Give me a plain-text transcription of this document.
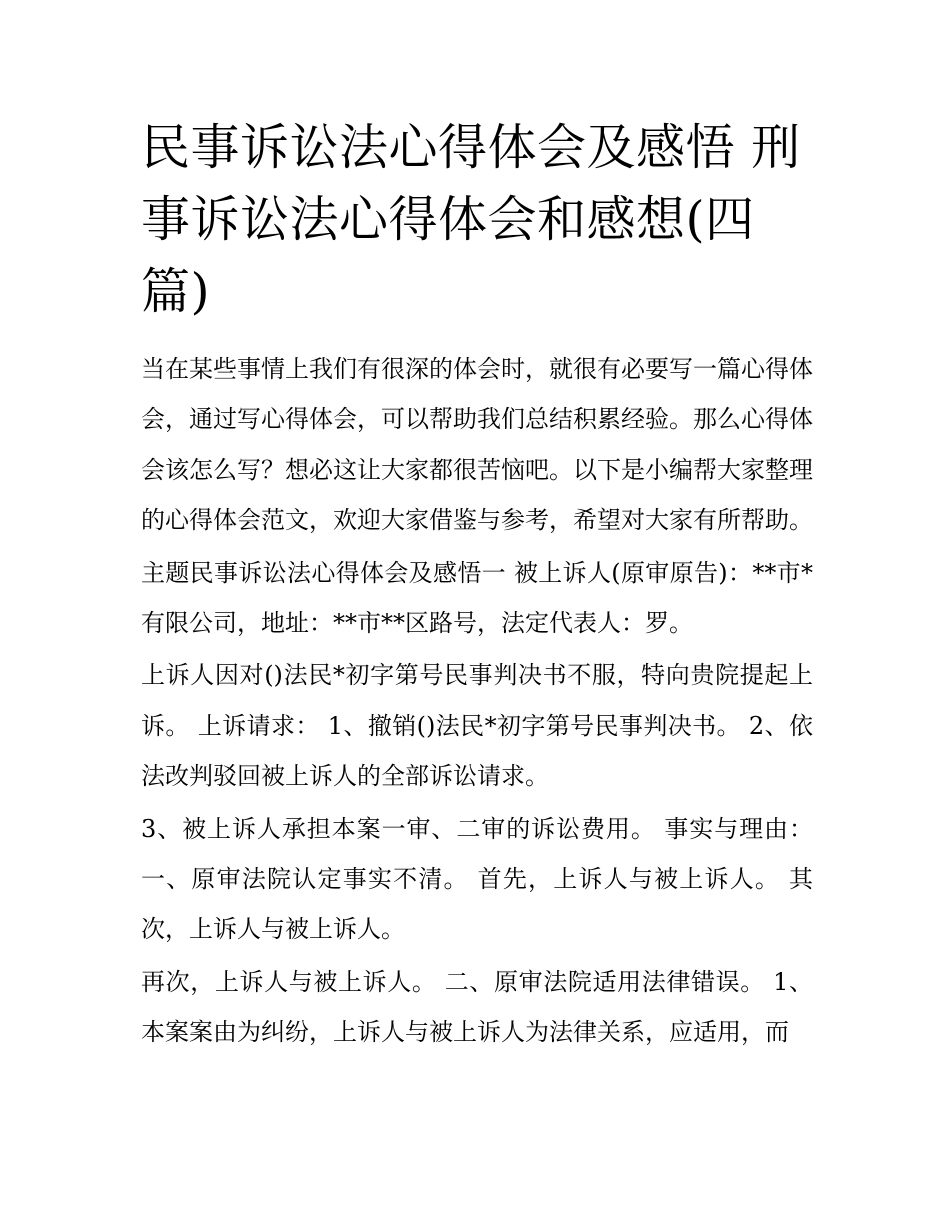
民事诉讼法心得体会及感悟 刑事诉讼法心得体会和感想(四篇)

当在某些事情上我们有很深的体会时，就很有必要写一篇心得体会，通过写心得体会，可以帮助我们总结积累经验。那么心得体会该怎么写？想必这让大家都很苦恼吧。以下是小编帮大家整理的心得体会范文，欢迎大家借鉴与参考，希望对大家有所帮助。

主题民事诉讼法心得体会及感悟一 被上诉人(原审原告)：**市*有限公司，地址：**市**区路号，法定代表人：罗。

上诉人因对()法民*初字第号民事判决书不服，特向贵院提起上诉。 上诉请求： 1、撤销()法民*初字第号民事判决书。 2、依法改判驳回被上诉人的全部诉讼请求。

3、被上诉人承担本案一审、二审的诉讼费用。 事实与理由：一、原审法院认定事实不清。 首先，上诉人与被上诉人。 其次，上诉人与被上诉人。

再次，上诉人与被上诉人。 二、原审法院适用法律错误。 1、本案案由为纠纷，上诉人与被上诉人为法律关系，应适用，而
